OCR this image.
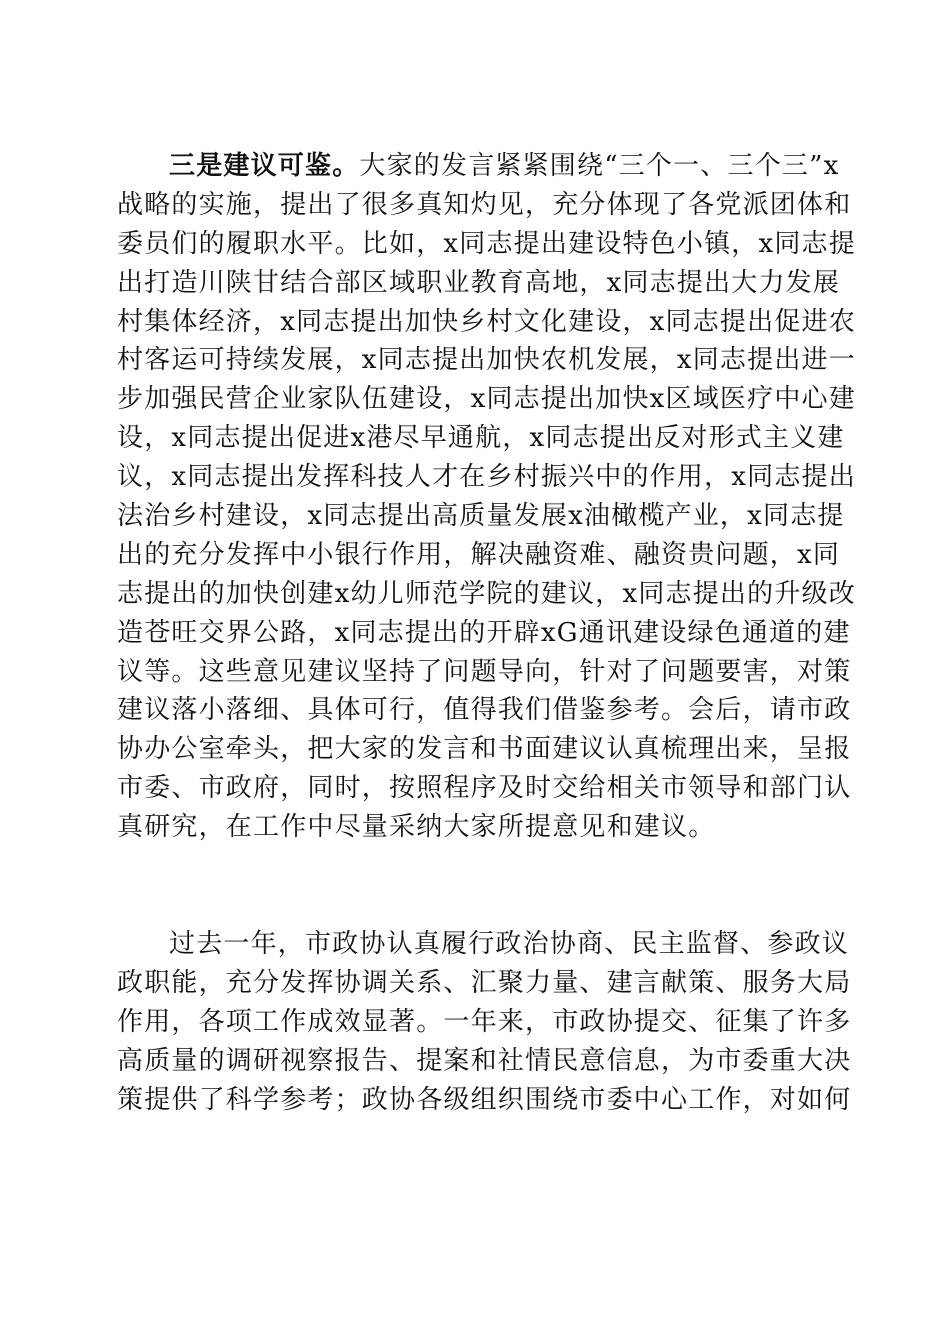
三是建议可鉴。大家的发言紧紧围绕“三个一、三个三”x
战略的实施，提出了很多真知灼见，充分体现了各党派团体和
委员们的履职水平。比如，x同志提出建设特色小镇，x同志提
出打造川陕甘结合部区域职业教育高地，x同志提出大力发展
村集体经济，x同志提出加快乡村文化建设，x同志提出促进农
村客运可持续发展，x同志提出加快农机发展，x同志提出进一
步加强民营企业家队伍建设，x同志提出加快x区域医疗中心建
设，x同志提出促进x港尽早通航，x同志提出反对形式主义建
议，x同志提出发挥科技人才在乡村振兴中的作用，x同志提出
法治乡村建设，x同志提出高质量发展x油橄榄产业，x同志提
出的充分发挥中小银行作用，解决融资难、融资贵问题，x同
志提出的加快创建x幼儿师范学院的建议，x同志提出的升级改
造苍旺交界公路，x同志提出的开辟xG通讯建设绿色通道的建
议等。这些意见建议坚持了问题导向，针对了问题要害，对策
建议落小落细、具体可行，值得我们借鉴参考。会后，请市政
协办公室牵头，把大家的发言和书面建议认真梳理出来，呈报
市委、市政府，同时，按照程序及时交给相关市领导和部门认
真研究，在工作中尽量采纳大家所提意见和建议。
过去一年，市政协认真履行政治协商、民主监督、参政议
政职能，充分发挥协调关系、汇聚力量、建言献策、服务大局
作用，各项工作成效显著。一年来，市政协提交、征集了许多
高质量的调研视察报告、提案和社情民意信息，为市委重大决
策提供了科学参考；政协各级组织围绕市委中心工作，对如何
